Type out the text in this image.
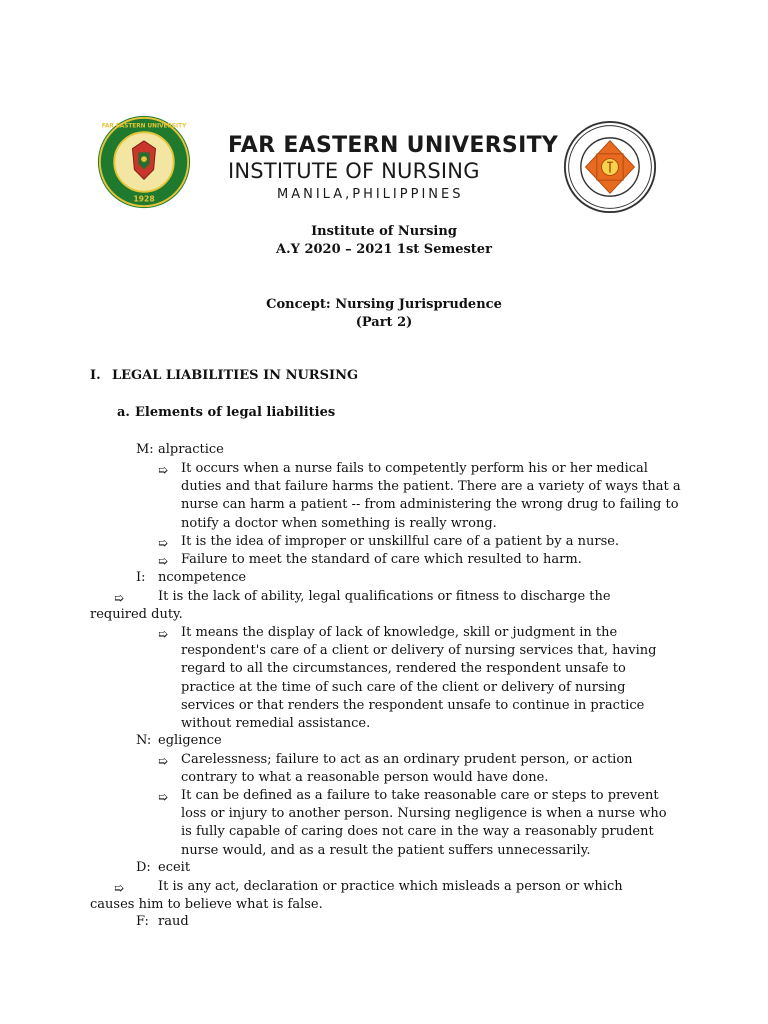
1928
FAR EASTERN UNIVERSITY
FAR EASTERN UNIVERSITY
INSTITUTE OF NURSING
MANILA,PHILIPPINES
Institute of Nursing
A.Y 2020 – 2021 1st Semester
Concept: Nursing Jurisprudence
(Part 2)
I. LEGAL LIABILITIES IN NURSING
a. Elements of legal liabilities
M: alpractice
➯ It occurs when a nurse fails to competently perform his or her medical duties and that failure harms the patient. There are a variety of ways that a nurse can harm a patient -- from administering the wrong drug to failing to notify a doctor when something is really wrong.
➯ It is the idea of improper or unskillful care of a patient by a nurse.
➯ Failure to meet the standard of care which resulted to harm.
I: ncompetence
➯	It is the lack of ability, legal qualifications or fitness to discharge the required duty.
➯ It means the display of lack of knowledge, skill or judgment in the respondent's care of a client or delivery of nursing services that, having regard to all the circumstances, rendered the respondent unsafe to practice at the time of such care of the client or delivery of nursing services or that renders the respondent unsafe to continue in practice without remedial assistance.
N: egligence
➯ Carelessness; failure to act as an ordinary prudent person, or action contrary to what a reasonable person would have done.
➯ It can be defined as a failure to take reasonable care or steps to prevent loss or injury to another person. Nursing negligence is when a nurse who is fully capable of caring does not care in the way a reasonably prudent nurse would, and as a result the patient suffers unnecessarily.
D: eceit
➯	It is any act, declaration or practice which misleads a person or which causes him to believe what is false.
F: raud
